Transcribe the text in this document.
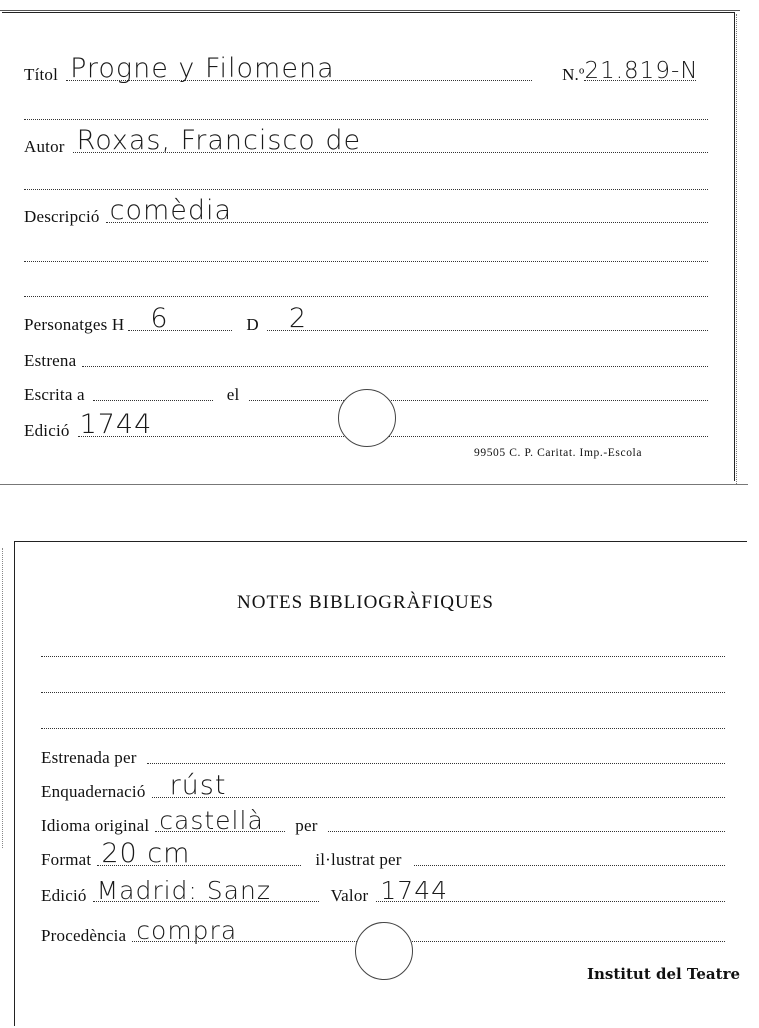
Títol Progne y Filomena	N.º 21.819-N
Autor Roxas, Francisco de
Descripció comèdia
Personatges H 6	D 2
Estrena
Escrita a	el
Edició 1744
99505 C. P. Caritat. Imp.-Escola
NOTES BIBLIOGRÀFIQUES
Estrenada per
Enquadernació rúst
Idioma original castellà per
Format 20 cm	il·lustrat per
Edició Madrid: Sanz	Valor 1744
Procedència compra
Institut del Teatre
